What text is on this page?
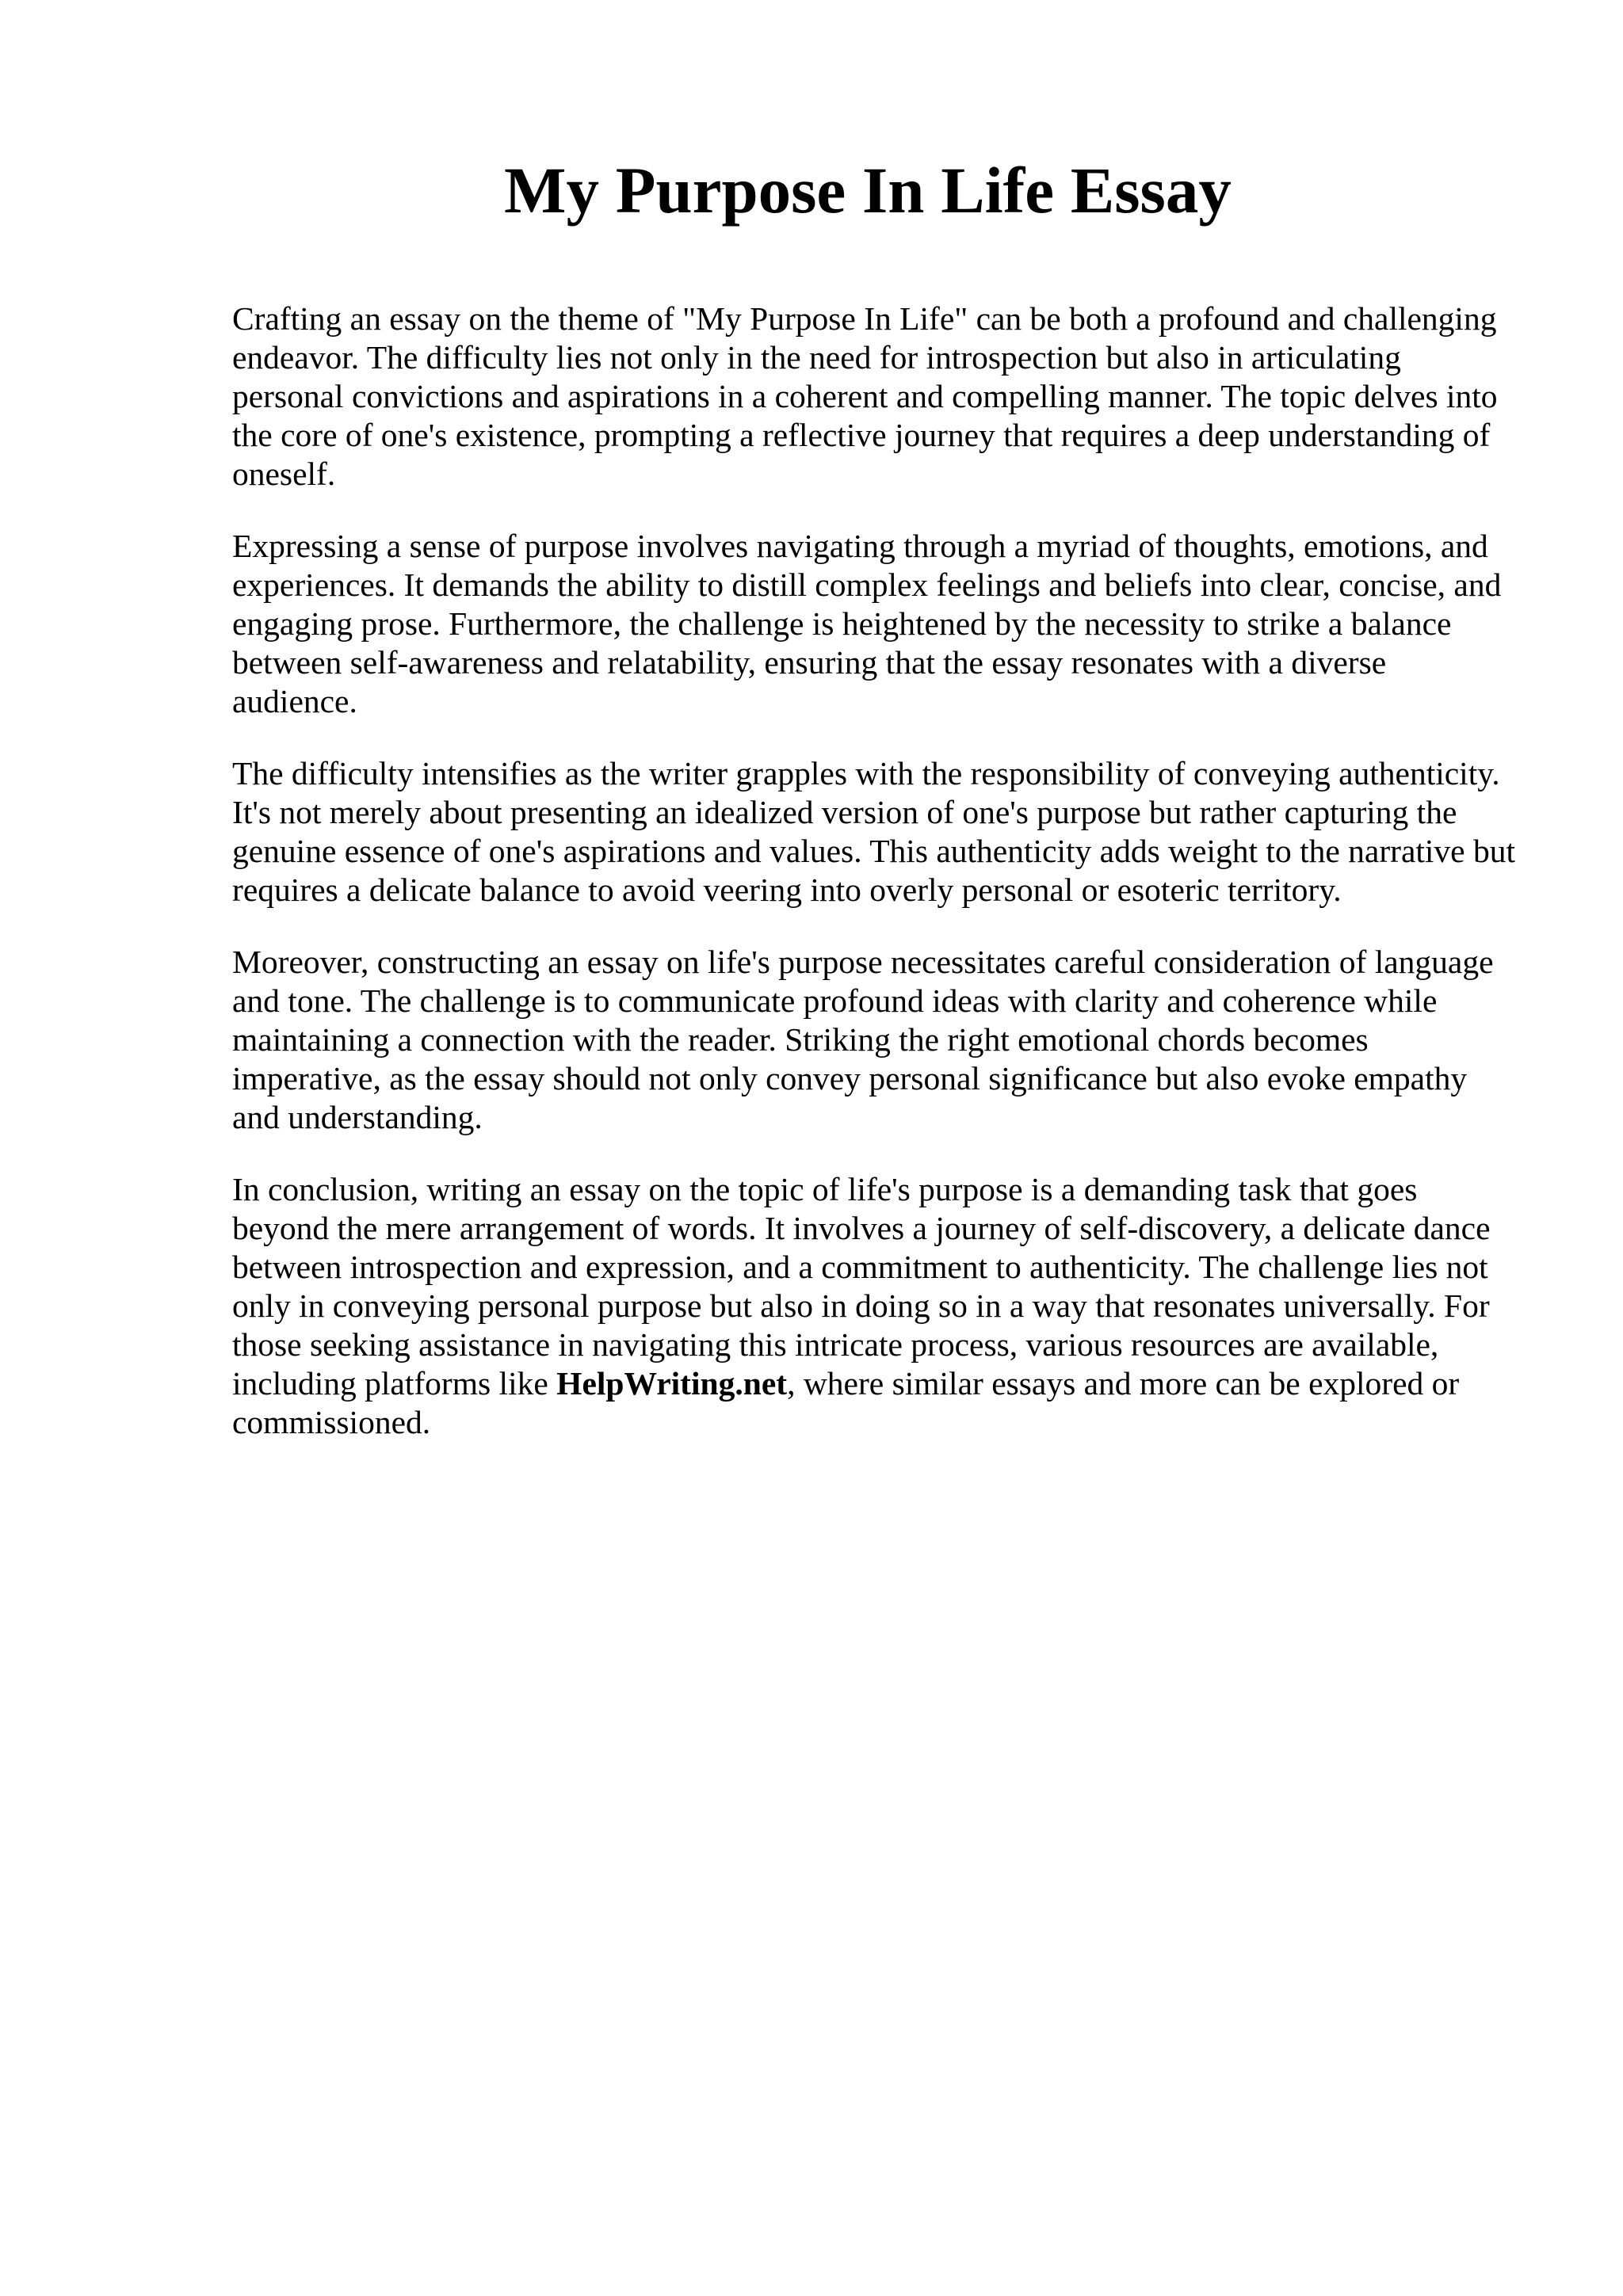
My Purpose In Life Essay

Crafting an essay on the theme of "My Purpose In Life" can be both a profound and challenging endeavor. The difficulty lies not only in the need for introspection but also in articulating personal convictions and aspirations in a coherent and compelling manner. The topic delves into the core of one's existence, prompting a reflective journey that requires a deep understanding of oneself.

Expressing a sense of purpose involves navigating through a myriad of thoughts, emotions, and experiences. It demands the ability to distill complex feelings and beliefs into clear, concise, and engaging prose. Furthermore, the challenge is heightened by the necessity to strike a balance between self-awareness and relatability, ensuring that the essay resonates with a diverse audience.

The difficulty intensifies as the writer grapples with the responsibility of conveying authenticity. It's not merely about presenting an idealized version of one's purpose but rather capturing the genuine essence of one's aspirations and values. This authenticity adds weight to the narrative but requires a delicate balance to avoid veering into overly personal or esoteric territory.

Moreover, constructing an essay on life's purpose necessitates careful consideration of language and tone. The challenge is to communicate profound ideas with clarity and coherence while maintaining a connection with the reader. Striking the right emotional chords becomes imperative, as the essay should not only convey personal significance but also evoke empathy and understanding.

In conclusion, writing an essay on the topic of life's purpose is a demanding task that goes beyond the mere arrangement of words. It involves a journey of self-discovery, a delicate dance between introspection and expression, and a commitment to authenticity. The challenge lies not only in conveying personal purpose but also in doing so in a way that resonates universally. For those seeking assistance in navigating this intricate process, various resources are available, including platforms like HelpWriting.net, where similar essays and more can be explored or commissioned.
